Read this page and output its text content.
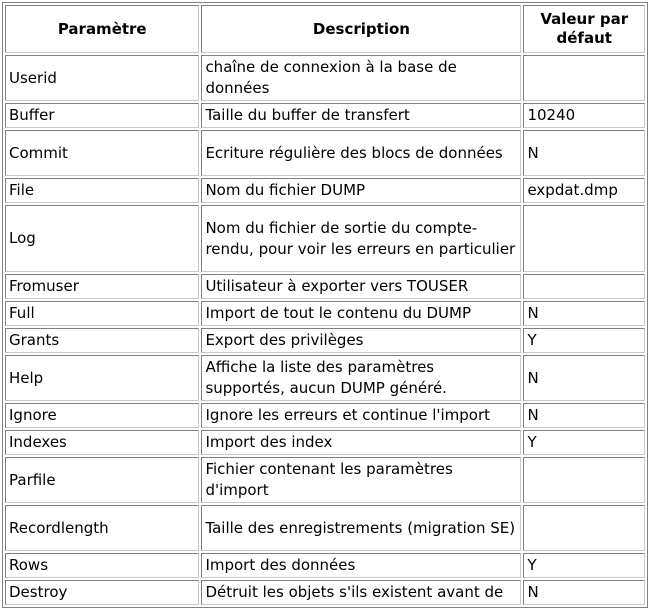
Paramètre	Description	Valeur par défaut
Userid	chaîne de connexion à la base de données	
Buffer	Taille du buffer de transfert	10240
Commit	Ecriture régulière des blocs de données	N
File	Nom du fichier DUMP	expdat.dmp
Log	Nom du fichier de sortie du compte-rendu, pour voir les erreurs en particulier	
Fromuser	Utilisateur à exporter vers TOUSER	
Full	Import de tout le contenu du DUMP	N
Grants	Export des privilèges	Y
Help	Affiche la liste des paramètres supportés, aucun DUMP généré.	N
Ignore	Ignore les erreurs et continue l'import	N
Indexes	Import des index	Y
Parfile	Fichier contenant les paramètres d'import	
Recordlength	Taille des enregistrements (migration SE)	
Rows	Import des données	Y
Destroy	Détruit les objets s'ils existent avant de	N
